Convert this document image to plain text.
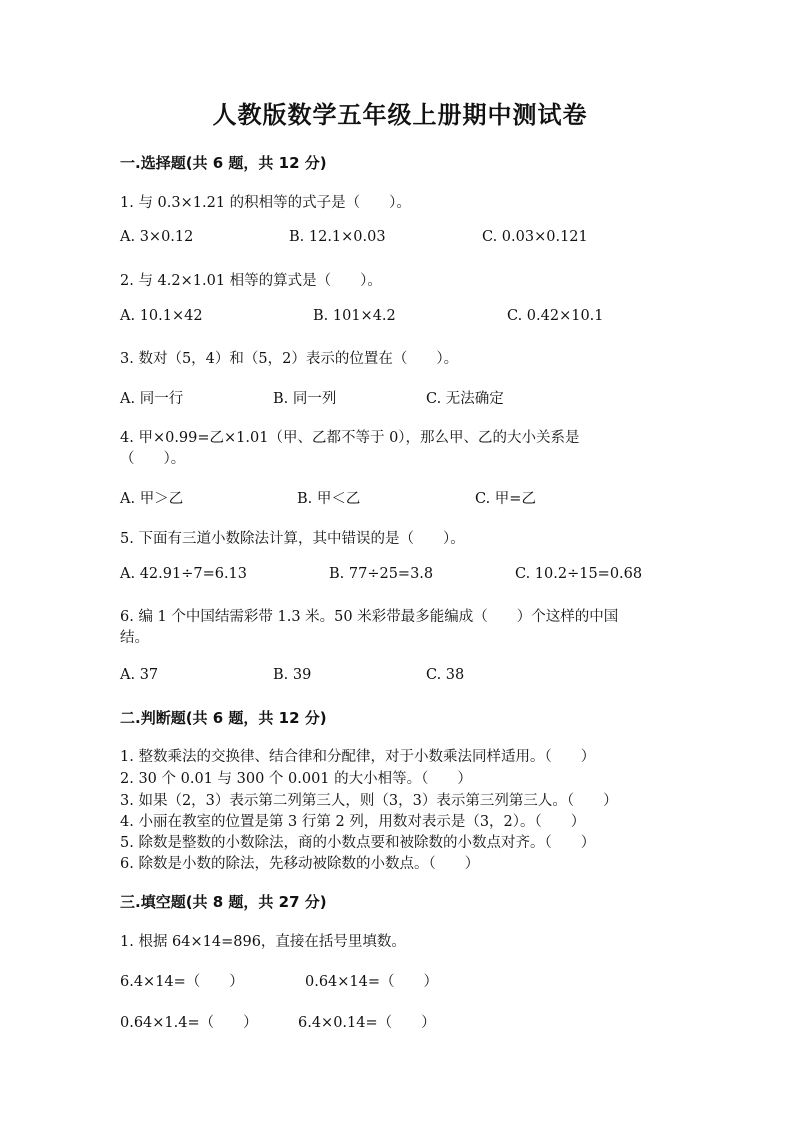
人教版数学五年级上册期中测试卷
一.选择题(共 6 题，共 12 分)
1. 与 0.3×1.21 的积相等的式子是（　　）。
A. 3×0.12	B. 12.1×0.03	C. 0.03×0.121
2. 与 4.2×1.01 相等的算式是（　　）。
A. 10.1×42	B. 101×4.2	C. 0.42×10.1
3. 数对（5，4）和（5，2）表示的位置在（　　）。
A. 同一行	B. 同一列	C. 无法确定
4. 甲×0.99=乙×1.01（甲、乙都不等于 0），那么甲、乙的大小关系是
（　　）。
A. 甲＞乙	B. 甲＜乙	C. 甲=乙
5. 下面有三道小数除法计算，其中错误的是（　　）。
A. 42.91÷7=6.13	B. 77÷25=3.8	C. 10.2÷15=0.68
6. 编 1 个中国结需彩带 1.3 米。50 米彩带最多能编成（　　）个这样的中国
结。
A. 37	B. 39	C. 38
二.判断题(共 6 题，共 12 分)
1. 整数乘法的交换律、结合律和分配律，对于小数乘法同样适用。（　　）
2. 30 个 0.01 与 300 个 0.001 的大小相等。（　　）
3. 如果（2，3）表示第二列第三人，则（3，3）表示第三列第三人。（　　）
4. 小丽在教室的位置是第 3 行第 2 列，用数对表示是（3，2）。（　　）
5. 除数是整数的小数除法，商的小数点要和被除数的小数点对齐。（　　）
6. 除数是小数的除法，先移动被除数的小数点。（　　）
三.填空题(共 8 题，共 27 分)
1. 根据 64×14=896，直接在括号里填数。
6.4×14=（　　）	0.64×14=（　　）
0.64×1.4=（　　）	6.4×0.14=（　　）
